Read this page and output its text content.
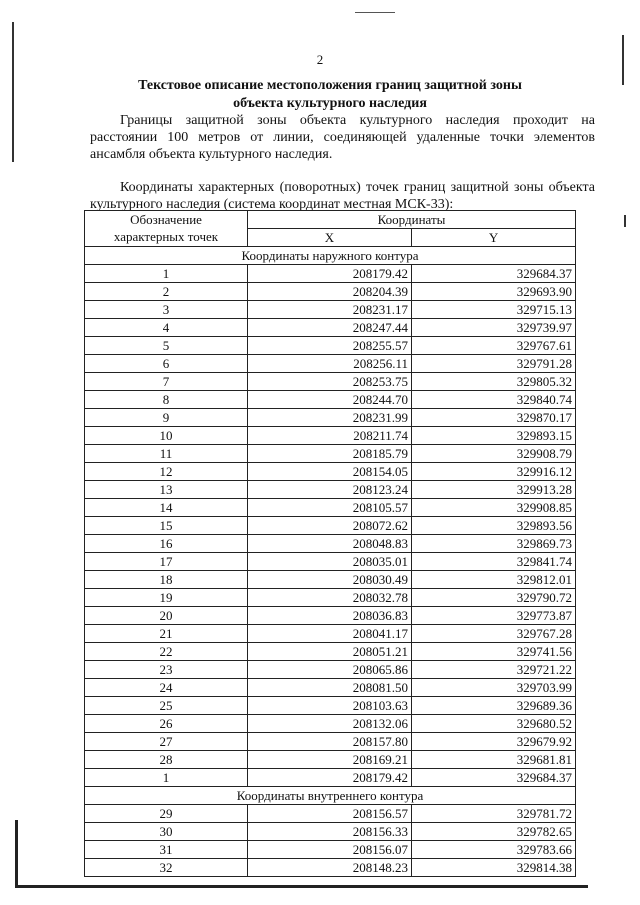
2
Текстовое описание местоположения границ защитной зоны
объекта культурного наследия
Границы защитной зоны объекта культурного наследия проходит на расстоянии 100 метров от линии, соединяющей удаленные точки элементов ансамбля объекта культурного наследия.
Координаты характерных (поворотных) точек границ защитной зоны объекта культурного наследия (система координат местная МСК-33):
Обозначение	Координаты	
характерных точек	X	Y
Координаты наружного контура		
1	208179.42	329684.37
2	208204.39	329693.90
3	208231.17	329715.13
4	208247.44	329739.97
5	208255.57	329767.61
6	208256.11	329791.28
7	208253.75	329805.32
8	208244.70	329840.74
9	208231.99	329870.17
10	208211.74	329893.15
11	208185.79	329908.79
12	208154.05	329916.12
13	208123.24	329913.28
14	208105.57	329908.85
15	208072.62	329893.56
16	208048.83	329869.73
17	208035.01	329841.74
18	208030.49	329812.01
19	208032.78	329790.72
20	208036.83	329773.87
21	208041.17	329767.28
22	208051.21	329741.56
23	208065.86	329721.22
24	208081.50	329703.99
25	208103.63	329689.36
26	208132.06	329680.52
27	208157.80	329679.92
28	208169.21	329681.81
1	208179.42	329684.37
Координаты внутреннего контура		
29	208156.57	329781.72
30	208156.33	329782.65
31	208156.07	329783.66
32	208148.23	329814.38
